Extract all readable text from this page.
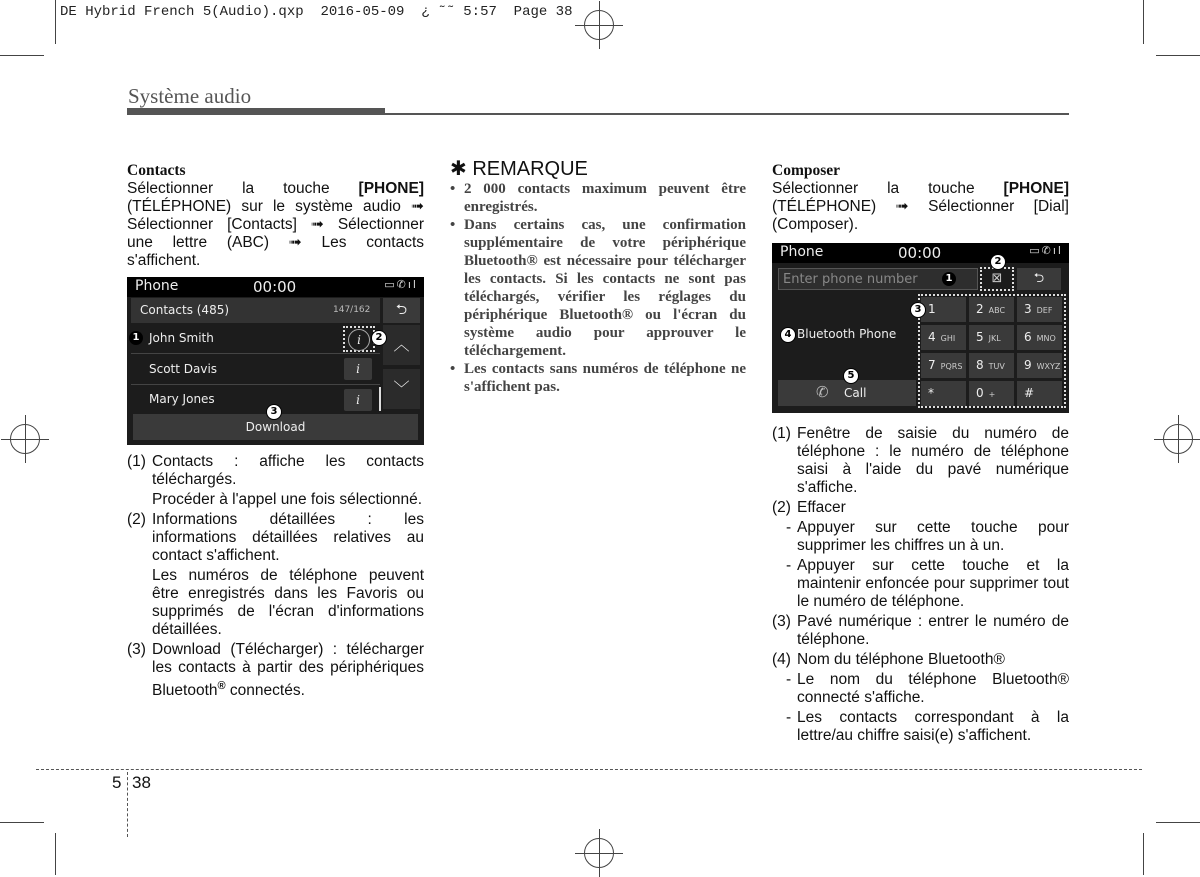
DE Hybrid French 5(Audio).qxp  2016-05-09  ¿ ˜˜ 5:57  Page 38
Système audio
Contacts
Sélectionner la touche [PHONE] (TÉLÉPHONE) sur le système audio ➟ Sélectionner [Contacts] ➟ Sélectionner une lettre (ABC) ➟ Les contacts s'affichent.
Phone	00:00	▭✆ıl
Contacts (485)	147/162	⮌
John Smith	i
Scott Davis	i
Mary Jones	i
︿
﹀
Download
1	2
3
(1) Contacts : affiche les contacts téléchargés.
Procéder à l'appel une fois sélectionné.
(2) Informations détaillées : les informations détaillées relatives au contact s'affichent.
Les numéros de téléphone peuvent être enregistrés dans les Favoris ou supprimés de l'écran d'informations détaillées.
(3) Download (Télécharger) : télécharger les contacts à partir des périphériques Bluetooth® connectés.
✱ REMARQUE
• 2 000 contacts maximum peuvent être enregistrés.
• Dans certains cas, une confirmation supplémentaire de votre périphérique Bluetooth® est nécessaire pour télécharger les contacts. Si les contacts ne sont pas téléchargés, vérifier les réglages du périphérique Bluetooth® ou l'écran du système audio pour approuver le téléchargement.
• Les contacts sans numéros de téléphone ne s'affichent pas.
Composer
Sélectionner la touche [PHONE] (TÉLÉPHONE) ➟ Sélectionner [Dial] (Composer).
Phone	00:00	▭✆ıl
Enter phone number	⊠	⮌
Bluetooth Phone
✆ Call
1	2 ABC	3 DEF
4 GHI	5 JKL	6 MNO
7 PQRS	8 TUV	9 WXYZ
*	0 +	#
1
2
3
4
5
(1) Fenêtre de saisie du numéro de téléphone : le numéro de téléphone saisi à l'aide du pavé numérique s'affiche.
(2) Effacer
- Appuyer sur cette touche pour supprimer les chiffres un à un.
- Appuyer sur cette touche et la maintenir enfoncée pour supprimer tout le numéro de téléphone.
(3) Pavé numérique : entrer le numéro de téléphone.
(4) Nom du téléphone Bluetooth®
- Le nom du téléphone Bluetooth® connecté s'affiche.
- Les contacts correspondant à la lettre/au chiffre saisi(e) s'affichent.
5 38
